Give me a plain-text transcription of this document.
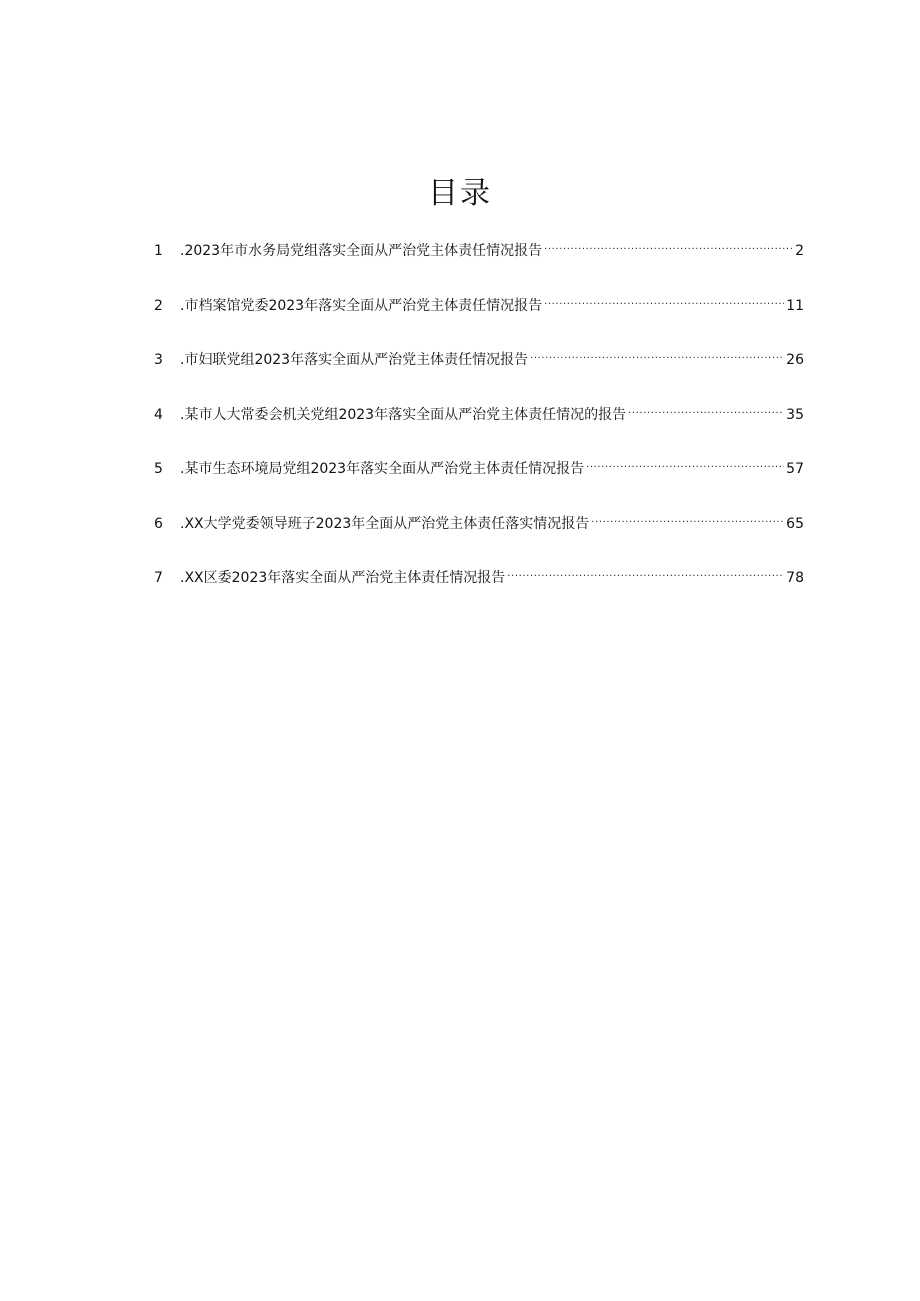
目录
1	.2023年市水务局党组落实全面从严治党主体责任情况报告 .....	2
2	.市档案馆党委2023年落实全面从严治党主体责任情况报告 .....	11
3	.市妇联党组2023年落实全面从严治党主体责任情况报告 .....	26
4	.某市人大常委会机关党组2023年落实全面从严治党主体责任情况的报告 .....	35
5	.某市生态环境局党组2023年落实全面从严治党主体责任情况报告 .....	57
6	.XX大学党委领导班子2023年全面从严治党主体责任落实情况报告 .....	65
7	.XX区委2023年落实全面从严治党主体责任情况报告 .....	78
